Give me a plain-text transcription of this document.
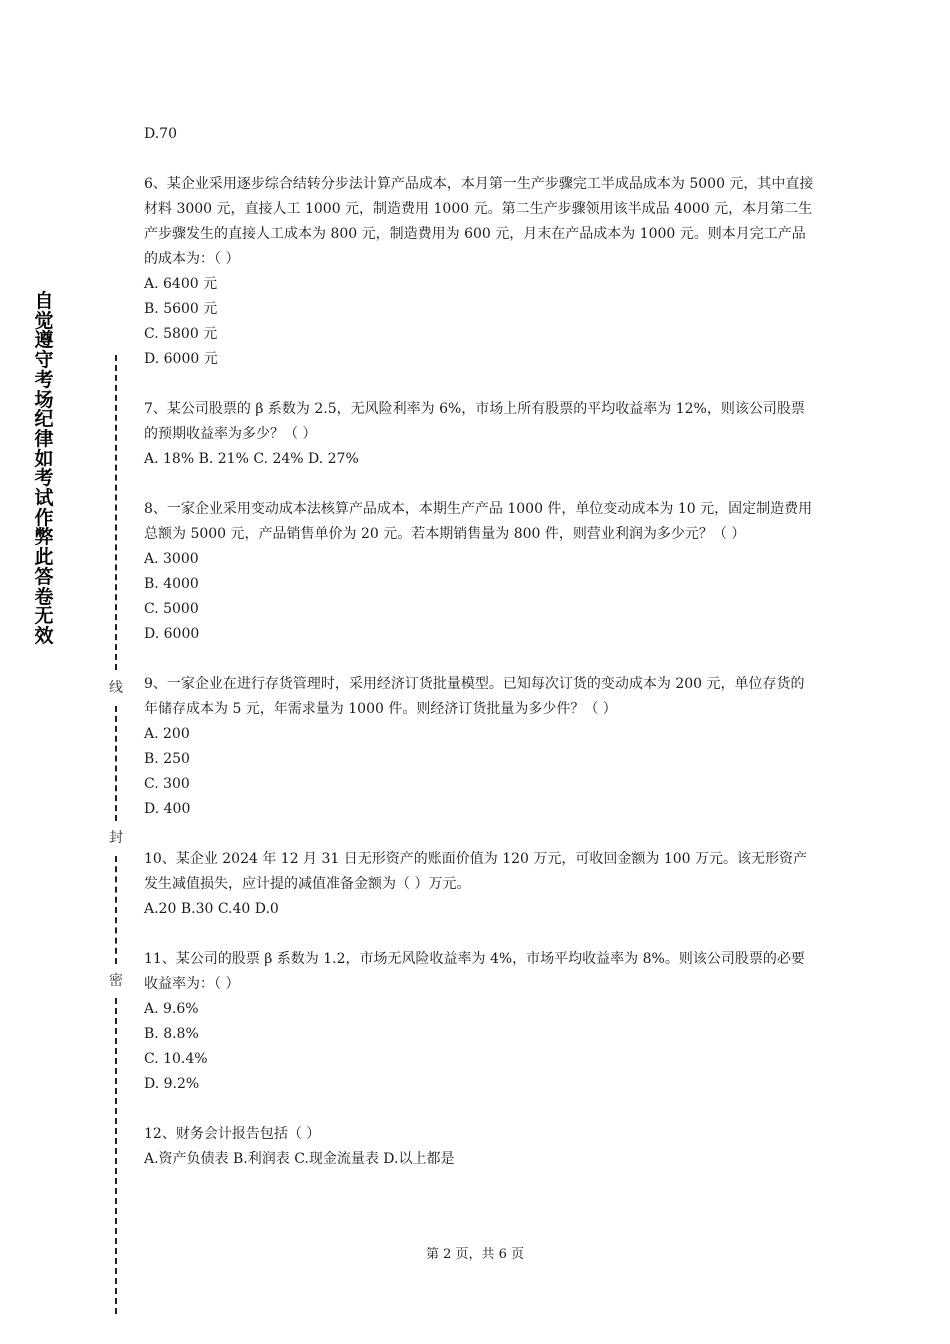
自
觉
遵
守
考
场
纪
律
如
考
试
作
弊
此
答
卷
无
效
线
封
密

D.70

6、某企业采用逐步综合结转分步法计算产品成本，本月第一生产步骤完工半成品成本为 5000 元，其中直接材料 3000 元，直接人工 1000 元，制造费用 1000 元。第二生产步骤领用该半成品 4000 元，本月第二生产步骤发生的直接人工成本为 800 元，制造费用为 600 元，月末在产品成本为 1000 元。则本月完工产品的成本为：（ ）

A. 6400 元

B. 5600 元

C. 5800 元

D. 6000 元

7、某公司股票的 β 系数为 2.5，无风险利率为 6%，市场上所有股票的平均收益率为 12%，则该公司股票的预期收益率为多少？（ ）

A. 18% B. 21% C. 24% D. 27%

8、一家企业采用变动成本法核算产品成本，本期生产产品 1000 件，单位变动成本为 10 元，固定制造费用总额为 5000 元，产品销售单价为 20 元。若本期销售量为 800 件，则营业利润为多少元？（ ）

A. 3000

B. 4000

C. 5000

D. 6000

9、一家企业在进行存货管理时，采用经济订货批量模型。已知每次订货的变动成本为 200 元，单位存货的年储存成本为 5 元，年需求量为 1000 件。则经济订货批量为多少件？（ ）

A. 200

B. 250

C. 300

D. 400

10、某企业 2024 年 12 月 31 日无形资产的账面价值为 120 万元，可收回金额为 100 万元。该无形资产发生减值损失，应计提的减值准备金额为（ ）万元。

A.20 B.30 C.40 D.0

11、某公司的股票 β 系数为 1.2，市场无风险收益率为 4%，市场平均收益率为 8%。则该公司股票的必要收益率为：（ ）

A. 9.6%

B. 8.8%

C. 10.4%

D. 9.2%

12、财务会计报告包括（ ）

A.资产负债表 B.利润表 C.现金流量表 D.以上都是

第 2 页，共 6 页
